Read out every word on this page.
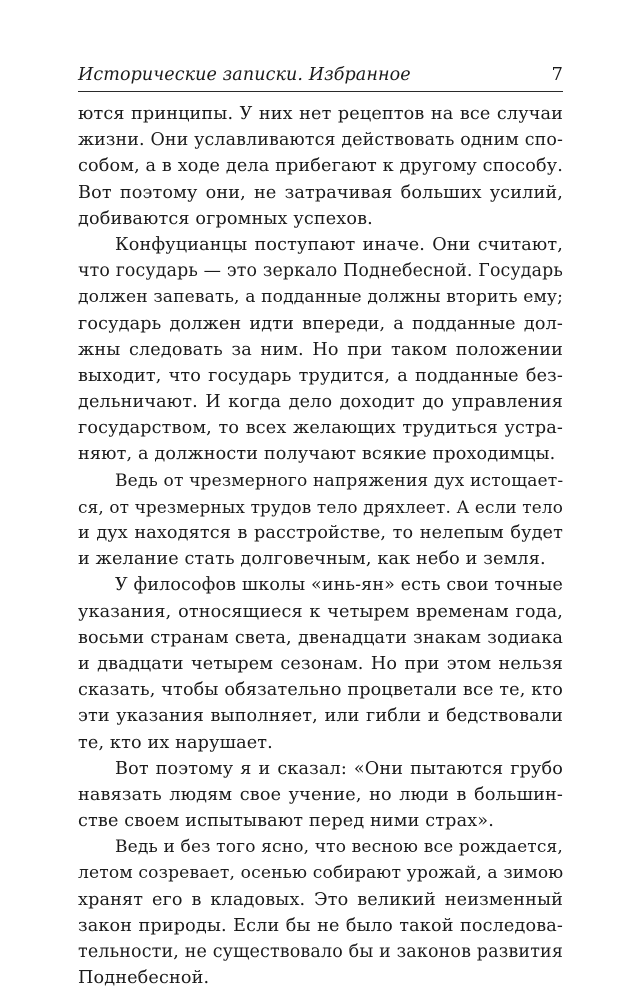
Исторические записки. Избранное	7
ются принципы. У них нет рецептов на все случаи
жизни. Они уславливаются действовать одним спо-
собом, а в ходе дела прибегают к другому способу.
Вот поэтому они, не затрачивая больших усилий,
добиваются огромных успехов.
Конфуцианцы поступают иначе. Они считают,
что государь — это зеркало Поднебесной. Государь
должен запевать, а подданные должны вторить ему;
государь должен идти впереди, а подданные дол-
жны следовать за ним. Но при таком положении
выходит, что государь трудится, а подданные без-
дельничают. И когда дело доходит до управления
государством, то всех желающих трудиться устра-
няют, а должности получают всякие проходимцы.
Ведь от чрезмерного напряжения дух истощает-
ся, от чрезмерных трудов тело дряхлеет. А если тело
и дух находятся в расстройстве, то нелепым будет
и желание стать долговечным, как небо и земля.
У философов школы «инь-ян» есть свои точные
указания, относящиеся к четырем временам года,
восьми странам света, двенадцати знакам зодиака
и двадцати четырем сезонам. Но при этом нельзя
сказать, чтобы обязательно процветали все те, кто
эти указания выполняет, или гибли и бедствовали
те, кто их нарушает.
Вот поэтому я и сказал: «Они пытаются грубо
навязать людям свое учение, но люди в большин-
стве своем испытывают перед ними страх».
Ведь и без того ясно, что весною все рождается,
летом созревает, осенью собирают урожай, а зимою
хранят его в кладовых. Это великий неизменный
закон природы. Если бы не было такой последова-
тельности, не существовало бы и законов развития
Поднебесной.
